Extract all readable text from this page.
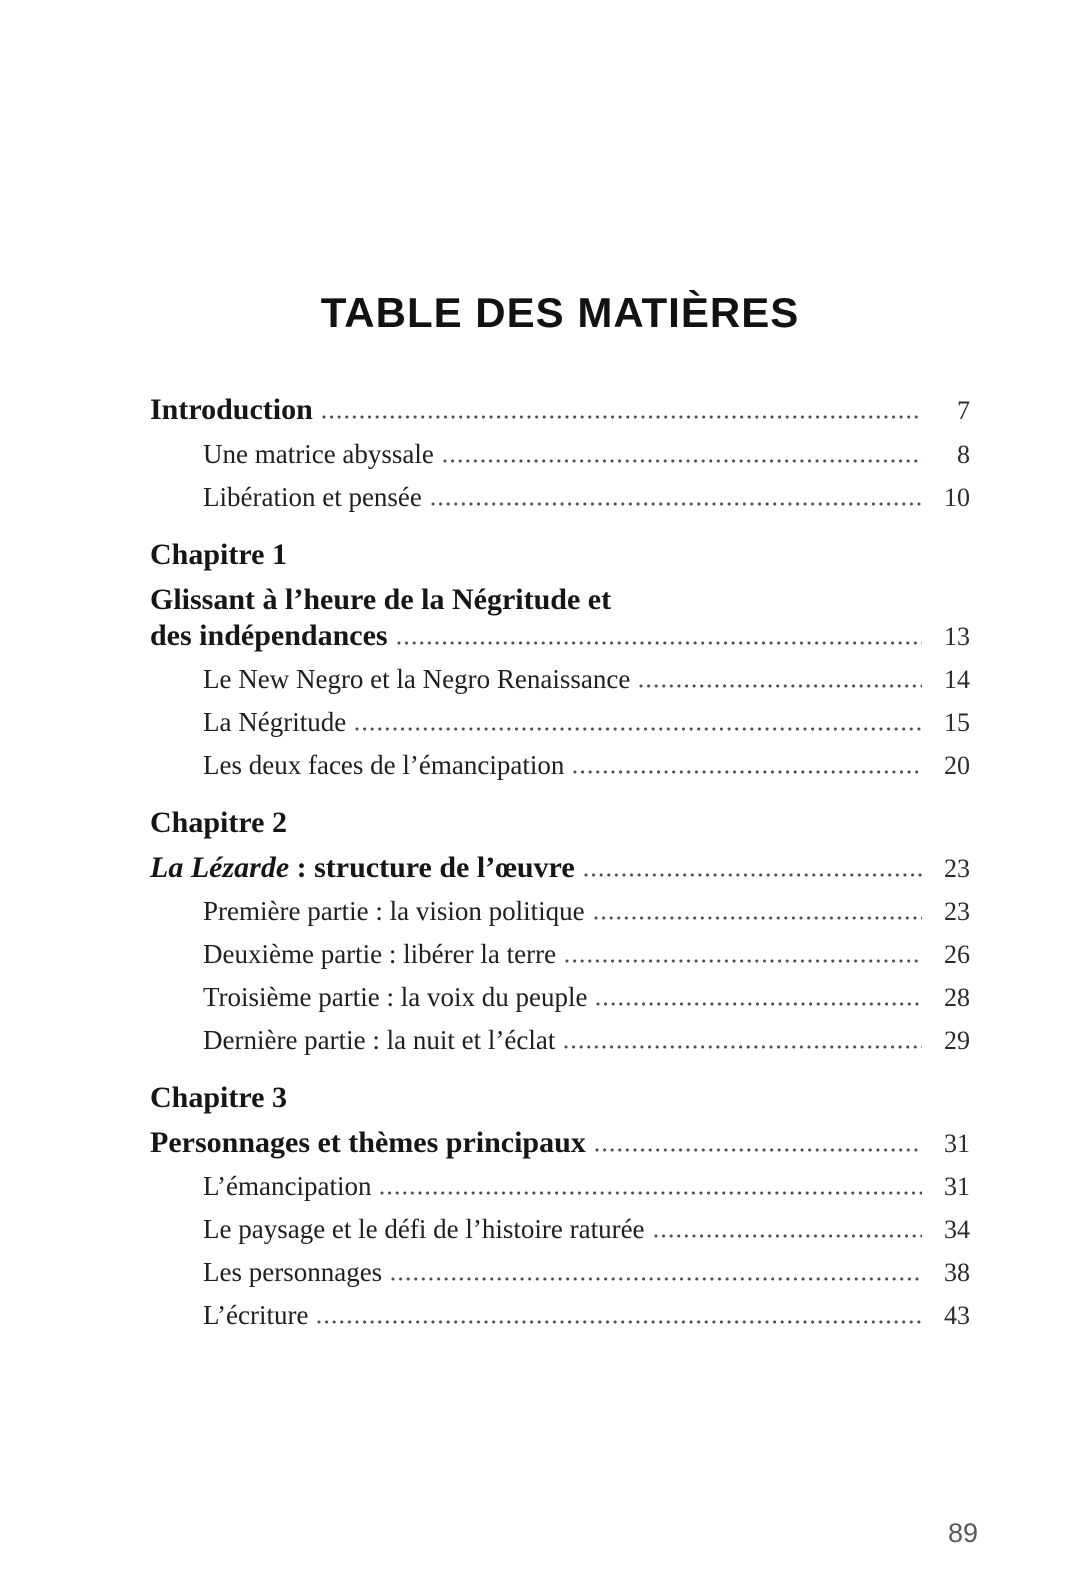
TABLE DES MATIÈRES
Introduction	7
Une matrice abyssale	8
Libération et pensée	10
Chapitre 1
Glissant à l’heure de la Négritude et
des indépendances	13
Le New Negro et la Negro Renaissance	14
La Négritude	15
Les deux faces de l’émancipation	20
Chapitre 2
La Lézarde : structure de l’œuvre	23
Première partie : la vision politique	23
Deuxième partie : libérer la terre	26
Troisième partie : la voix du peuple	28
Dernière partie : la nuit et l’éclat	29
Chapitre 3
Personnages et thèmes principaux	31
L’émancipation	31
Le paysage et le défi de l’histoire raturée	34
Les personnages	38
L’écriture	43
89
